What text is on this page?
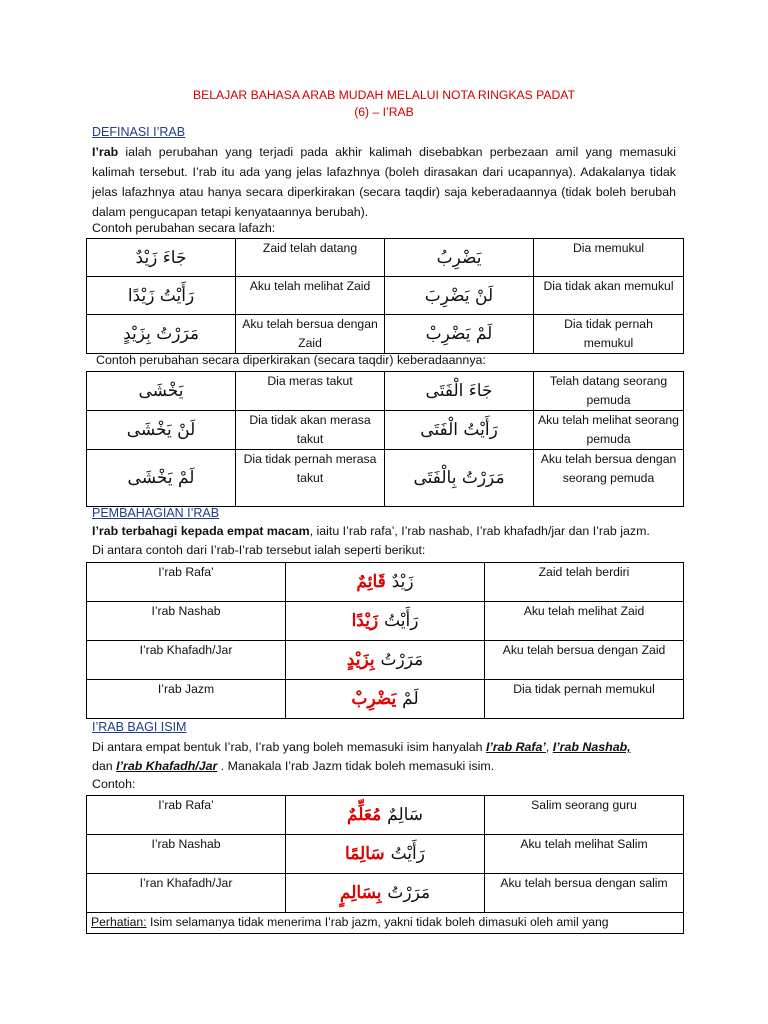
BELAJAR BAHASA ARAB MUDAH MELALUI NOTA RINGKAS PADAT
(6) – I’RAB
DEFINASI I’RAB
I’rab ialah perubahan yang terjadi pada akhir kalimah disebabkan perbezaan amil yang memasuki kalimah tersebut. I’rab itu ada yang jelas lafazhnya (boleh dirasakan dari ucapannya). Adakalanya tidak jelas lafazhnya atau hanya secara diperkirakan (secara taqdir) saja keberadaannya (tidak boleh berubah dalam pengucapan tetapi kenyataannya berubah).
Contoh perubahan secara lafazh:
جَاءَ زَيْدٌ	Zaid telah datang	يَضْرِبُ	Dia memukul
رَأَيْتُ زَيْدًا	Aku telah melihat Zaid	لَنْ يَضْرِبَ	Dia tidak akan memukul
مَرَرْتُ بِزَيْدٍ	Aku telah bersua dengan Zaid	لَمْ يَضْرِبْ	Dia tidak pernah memukul
Contoh perubahan secara diperkirakan (secara taqdir) keberadaannya:
يَخْشَى	Dia meras takut	جَاءَ الْفَتَى	Telah datang seorang pemuda
لَنْ يَخْشَى	Dia tidak akan merasa takut	رَأَيْتُ الْفَتَى	Aku telah melihat seorang pemuda
لَمْ يَخْشَى	Dia tidak pernah merasa takut	مَرَرْتُ بِالْفَتَى	Aku telah bersua dengan seorang pemuda
PEMBAHAGIAN I’RAB
I’rab terbahagi kepada empat macam, iaitu I’rab rafa’, I’rab nashab, I’rab khafadh/jar dan I’rab jazm.
Di antara contoh dari I’rab-I’rab tersebut ialah seperti berikut:
I’rab Rafa’	زَيْدٌ قَائِمٌ	Zaid telah berdiri
I’rab Nashab	رَأَيْتُ زَيْدًا	Aku telah melihat Zaid
I’rab Khafadh/Jar	مَرَرْتُ بِزَيْدٍ	Aku telah bersua dengan Zaid
I’rab Jazm	لَمْ يَضْرِبْ	Dia tidak pernah memukul
I’RAB BAGI ISIM
Di antara empat bentuk I’rab, I’rab yang boleh memasuki isim hanyalah I’rab Rafa’, I’rab Nashab,
dan I’rab Khafadh/Jar . Manakala I’rab Jazm tidak boleh memasuki isim.
Contoh:
I’rab Rafa’	سَالِمٌ مُعَلِّمٌ	Salim seorang guru
I’rab Nashab	رَأَيْتُ سَالِمًا	Aku telah melihat Salim
I’ran Khafadh/Jar	مَرَرْتُ بِسَالِمٍ	Aku telah bersua dengan salim
Perhatian: Isim selamanya tidak menerima I’rab jazm, yakni tidak boleh dimasuki oleh amil yang		
